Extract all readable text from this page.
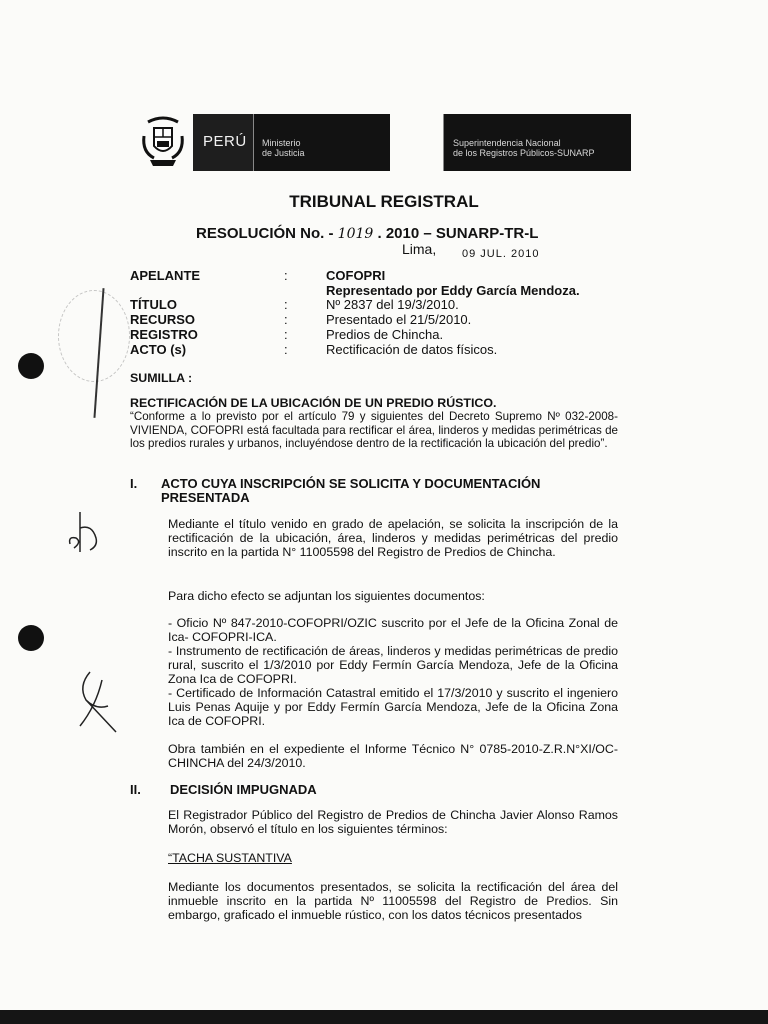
PERÚ Ministerio
de Justicia
Superintendencia Nacional
de los Registros Públicos-SUNARP
TRIBUNAL REGISTRAL
RESOLUCIÓN No. - 1019 . 2010 – SUNARP-TR-L
Lima, 09 JUL. 2010
APELANTE	:	COFOPRI
Representado por Eddy García Mendoza.
TÍTULO	:	Nº 2837 del 19/3/2010.
RECURSO	:	Presentado el 21/5/2010.
REGISTRO	:	Predios de Chincha.
ACTO (s)	:	Rectificación de datos físicos.
SUMILLA :
RECTIFICACIÓN DE LA UBICACIÓN DE UN PREDIO RÚSTICO.
“Conforme a lo previsto por el artículo 79 y siguientes del Decreto Supremo Nº 032-2008-VIVIENDA, COFOPRI está facultada para rectificar el área, linderos y medidas perimétricas de los predios rurales y urbanos, incluyéndose dentro de la rectificación la ubicación del predio”.
I. ACTO CUYA INSCRIPCIÓN SE SOLICITA Y DOCUMENTACIÓN
PRESENTADA
Mediante el título venido en grado de apelación, se solicita la inscripción de la rectificación de la ubicación, área, linderos y medidas perimétricas del predio inscrito en la partida N° 11005598 del Registro de Predios de Chincha.
Para dicho efecto se adjuntan los siguientes documentos:
- Oficio Nº 847-2010-COFOPRI/OZIC suscrito por el Jefe de la Oficina Zonal de Ica- COFOPRI-ICA.
- Instrumento de rectificación de áreas, linderos y medidas perimétricas de predio rural, suscrito el 1/3/2010 por Eddy Fermín García Mendoza, Jefe de la Oficina Zona Ica de COFOPRI.
- Certificado de Información Catastral emitido el 17/3/2010 y suscrito el ingeniero Luis Penas Aquije y por Eddy Fermín García Mendoza, Jefe de la Oficina Zona Ica de COFOPRI.
Obra también en el expediente el Informe Técnico N° 0785-2010-Z.R.N°XI/OC-CHINCHA del 24/3/2010.
II. DECISIÓN IMPUGNADA
El Registrador Público del Registro de Predios de Chincha Javier Alonso Ramos Morón, observó el título en los siguientes términos:
“TACHA SUSTANTIVA
Mediante los documentos presentados, se solicita la rectificación del área del inmueble inscrito en la partida Nº 11005598 del Registro de Predios. Sin embargo, graficado el inmueble rústico, con los datos técnicos presentados
